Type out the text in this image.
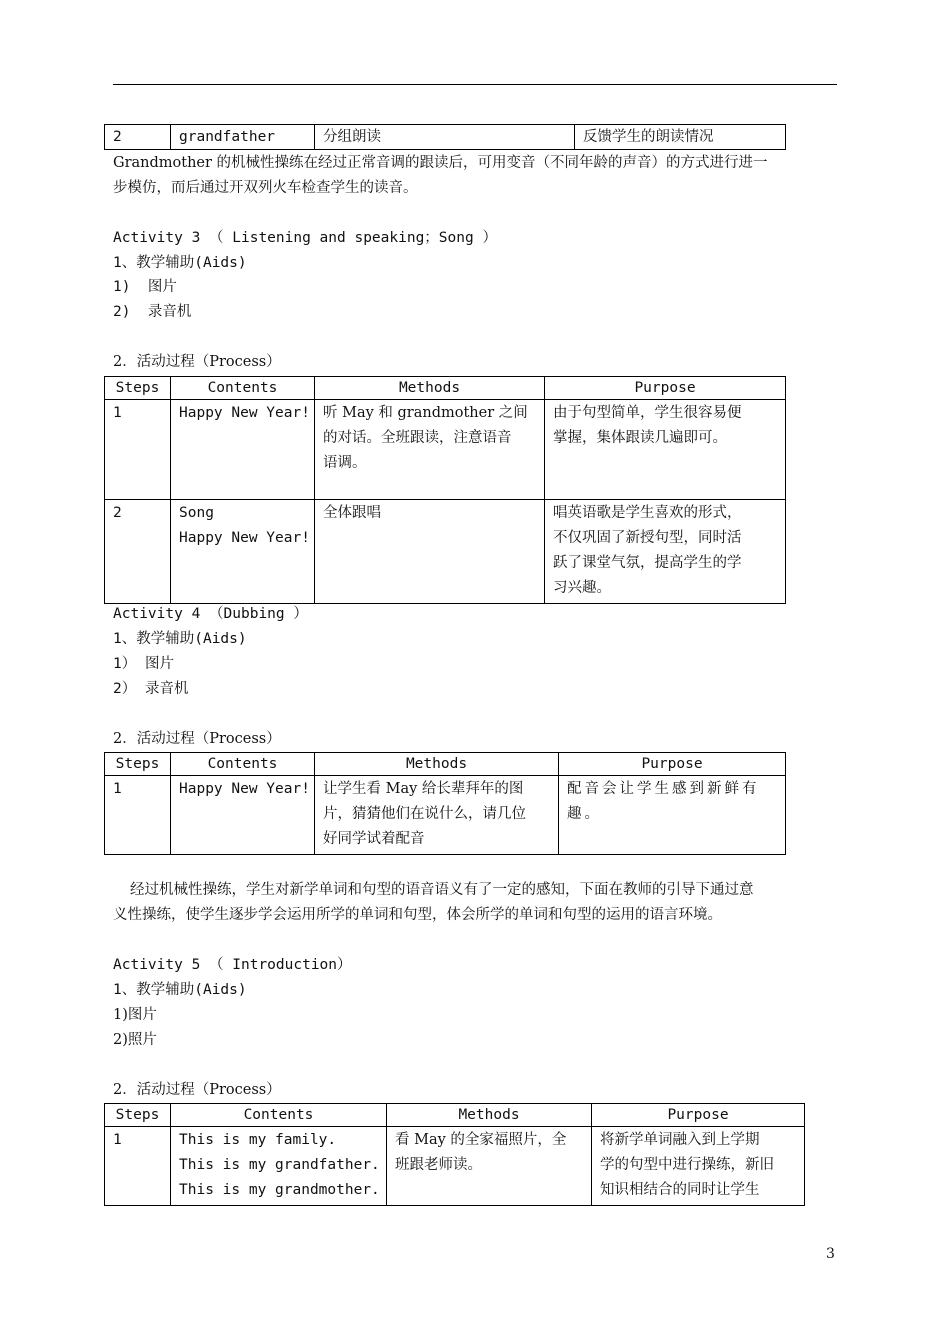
2	grandfather	分组朗读	反馈学生的朗读情况
Grandmother 的机械性操练在经过正常音调的跟读后，可用变音（不同年龄的声音）的方式进行进一
步模仿，而后通过开双列火车检查学生的读音。
Activity 3 （ Listening and speaking；Song ）
1、教学辅助(Aids)
1)  图片
2)  录音机
2．活动过程（Process）
Steps	Contents	Methods	Purpose
1	Happy New Year!	听 May 和 grandmother 之间
的对话。全班跟读，注意语音
语调。	由于句型简单，学生很容易便
掌握，集体跟读几遍即可。

2	Song
Happy New Year!	全体跟唱	唱英语歌是学生喜欢的形式，
不仅巩固了新授句型，同时活
跃了课堂气氛，提高学生的学
习兴趣。
Activity 4 （Dubbing ）
1、教学辅助(Aids)
1） 图片
2） 录音机
2．活动过程（Process）
Steps	Contents	Methods	Purpose
1	Happy New Year!	让学生看 May 给长辈拜年的图
片，猜猜他们在说什么，请几位
好同学试着配音	配音会让学生感到新鲜有
趣。
经过机械性操练，学生对新学单词和句型的语音语义有了一定的感知，下面在教师的引导下通过意
义性操练，使学生逐步学会运用所学的单词和句型，体会所学的单词和句型的运用的语言环境。
Activity 5 （ Introduction）
1、教学辅助(Aids)
1)图片
2)照片
2．活动过程（Process）
Steps	Contents	Methods	Purpose
1	This is my family.
This is my grandfather.
This is my grandmother.	看 May 的全家福照片，全
班跟老师读。	将新学单词融入到上学期
学的句型中进行操练，新旧
知识相结合的同时让学生
3
